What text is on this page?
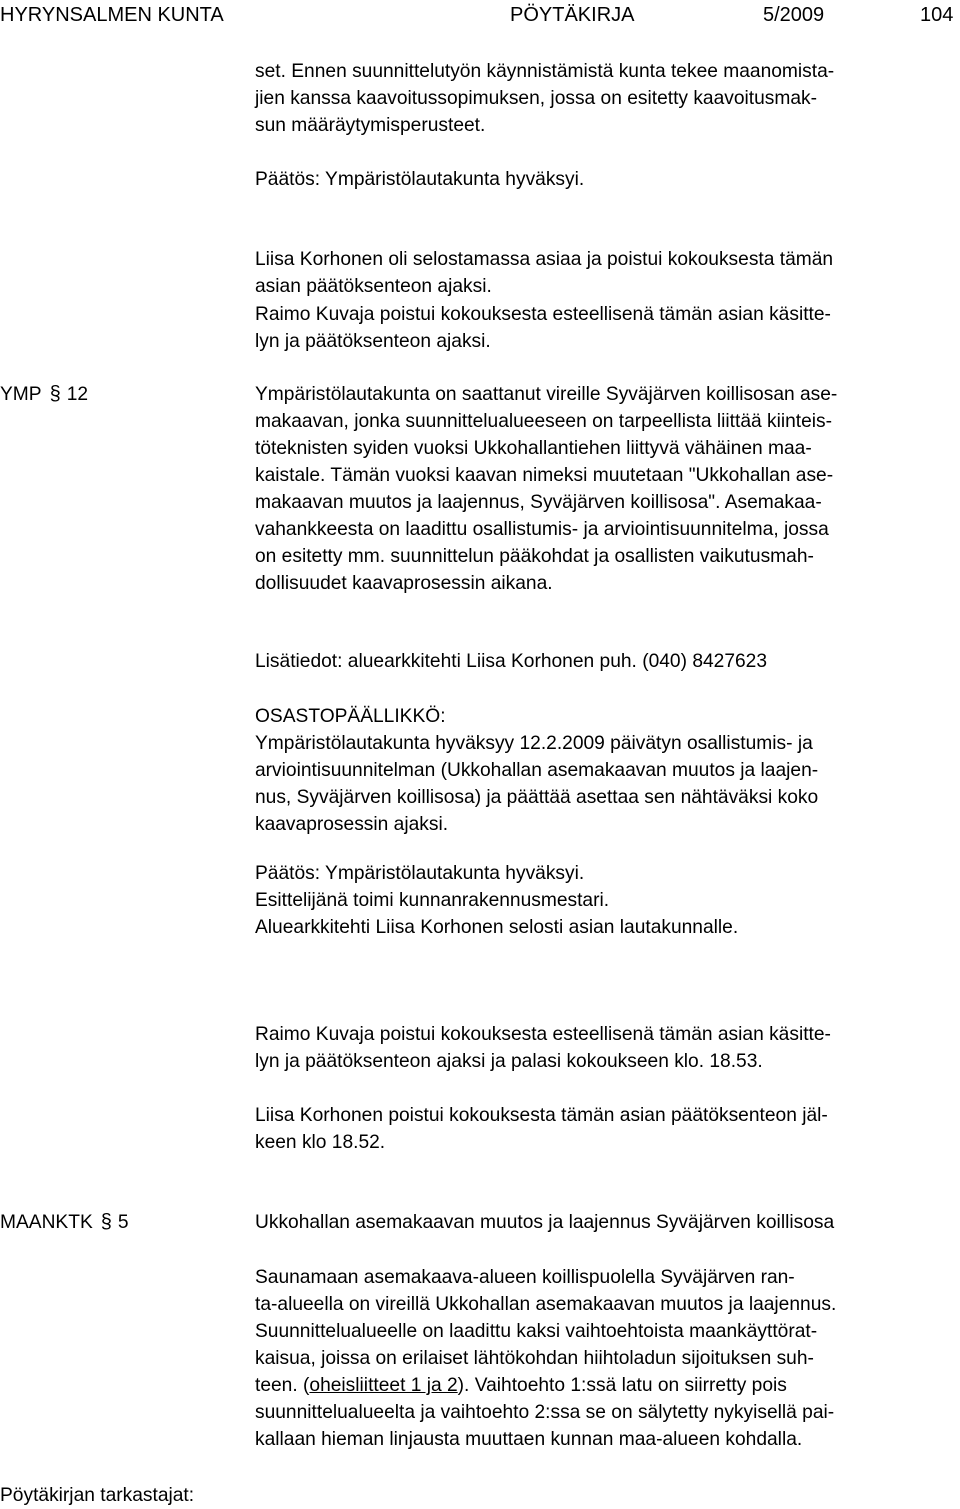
HYRYNSALMEN KUNTA	PÖYTÄKIRJA	5/2009	104
set. Ennen suunnittelutyön käynnistämistä kunta tekee maanomista-
jien kanssa kaavoitussopimuksen, jossa on esitetty kaavoitusmak-
sun määräytymisperusteet.
Päätös: Ympäristölautakunta hyväksyi.
Liisa Korhonen oli selostamassa asiaa ja poistui kokouksesta tämän
asian päätöksenteon ajaksi.
Raimo Kuvaja poistui kokouksesta esteellisenä tämän asian käsitte-
lyn ja päätöksenteon ajaksi.
YMP § 12	Ympäristölautakunta on saattanut vireille Syväjärven koillisosan ase-
makaavan, jonka suunnittelualueeseen on tarpeellista liittää kiinteis-
töteknisten syiden vuoksi Ukkohallantiehen liittyvä vähäinen maa-
kaistale. Tämän vuoksi kaavan nimeksi muutetaan "Ukkohallan ase-
makaavan muutos ja laajennus, Syväjärven koillisosa". Asemakaa-
vahankkeesta on laadittu osallistumis- ja arviointisuunnitelma, jossa
on esitetty mm. suunnittelun pääkohdat ja osallisten vaikutusmah-
dollisuudet kaavaprosessin aikana.
Lisätiedot: aluearkkitehti Liisa Korhonen puh. (040) 8427623
OSASTOPÄÄLLIKKÖ:
Ympäristölautakunta hyväksyy 12.2.2009 päivätyn osallistumis- ja
arviointisuunnitelman (Ukkohallan asemakaavan muutos ja laajen-
nus, Syväjärven koillisosa) ja päättää asettaa sen nähtäväksi koko
kaavaprosessin ajaksi.
Päätös: Ympäristölautakunta hyväksyi.
Esittelijänä toimi kunnanrakennusmestari.
Aluearkkitehti Liisa Korhonen selosti asian lautakunnalle.
Raimo Kuvaja poistui kokouksesta esteellisenä tämän asian käsitte-
lyn ja päätöksenteon ajaksi ja palasi kokoukseen klo. 18.53.
Liisa Korhonen poistui kokouksesta tämän asian päätöksenteon jäl-
keen klo 18.52.
MAANKTK § 5	Ukkohallan asemakaavan muutos ja laajennus Syväjärven koillisosa
Saunamaan asemakaava-alueen koillispuolella Syväjärven ran-
ta-alueella on vireillä Ukkohallan asemakaavan muutos ja laajennus.
Suunnittelualueelle on laadittu kaksi vaihtoehtoista maankäyttörat-
kaisua, joissa on erilaiset lähtökohdan hiihtoladun sijoituksen suh-
teen. (oheisliitteet 1 ja 2). Vaihtoehto 1:ssä latu on siirretty pois
suunnittelualueelta ja vaihtoehto 2:ssa se on sälytetty nykyisellä pai-
kallaan hieman linjausta muuttaen kunnan maa-alueen kohdalla.
Pöytäkirjan tarkastajat:
